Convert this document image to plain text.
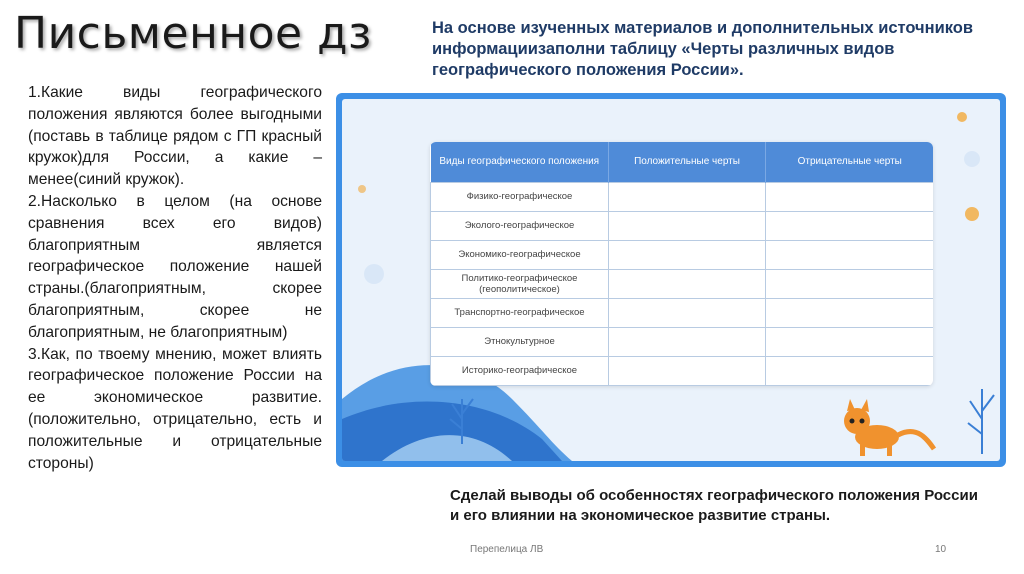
Письменное дз

1.Какие виды географического положения являются более выгодными (поставь в таблице рядом с ГП красный кружок)для России, а какие – менее(синий кружок).

2.Насколько в целом (на основе сравнения всех его видов) благоприятным является географическое положение нашей страны.(благоприятным, скорее благоприятным, скорее не благоприятным, не благоприятным)

3.Как, по твоему мнению, может влиять географическое положение России на ее экономическое развитие.(положительно, отрицательно, есть и положительные и отрицательные стороны)

На основе изученных материалов и дополнительных источников информациизаполни таблицу «Черты различных видов географического положения России».
Виды географического положения	Положительные черты	Отрицательные черты
Физико-географическое		
Эколого-географическое		
Экономико-географическое		
Политико-географическое (геополитическое)		
Транспортно-географическое		
Этнокультурное		
Историко-географическое		
Сделай выводы об особенностях географического положения России и его влиянии на экономическое развитие страны.
Перепелица ЛВ	10
